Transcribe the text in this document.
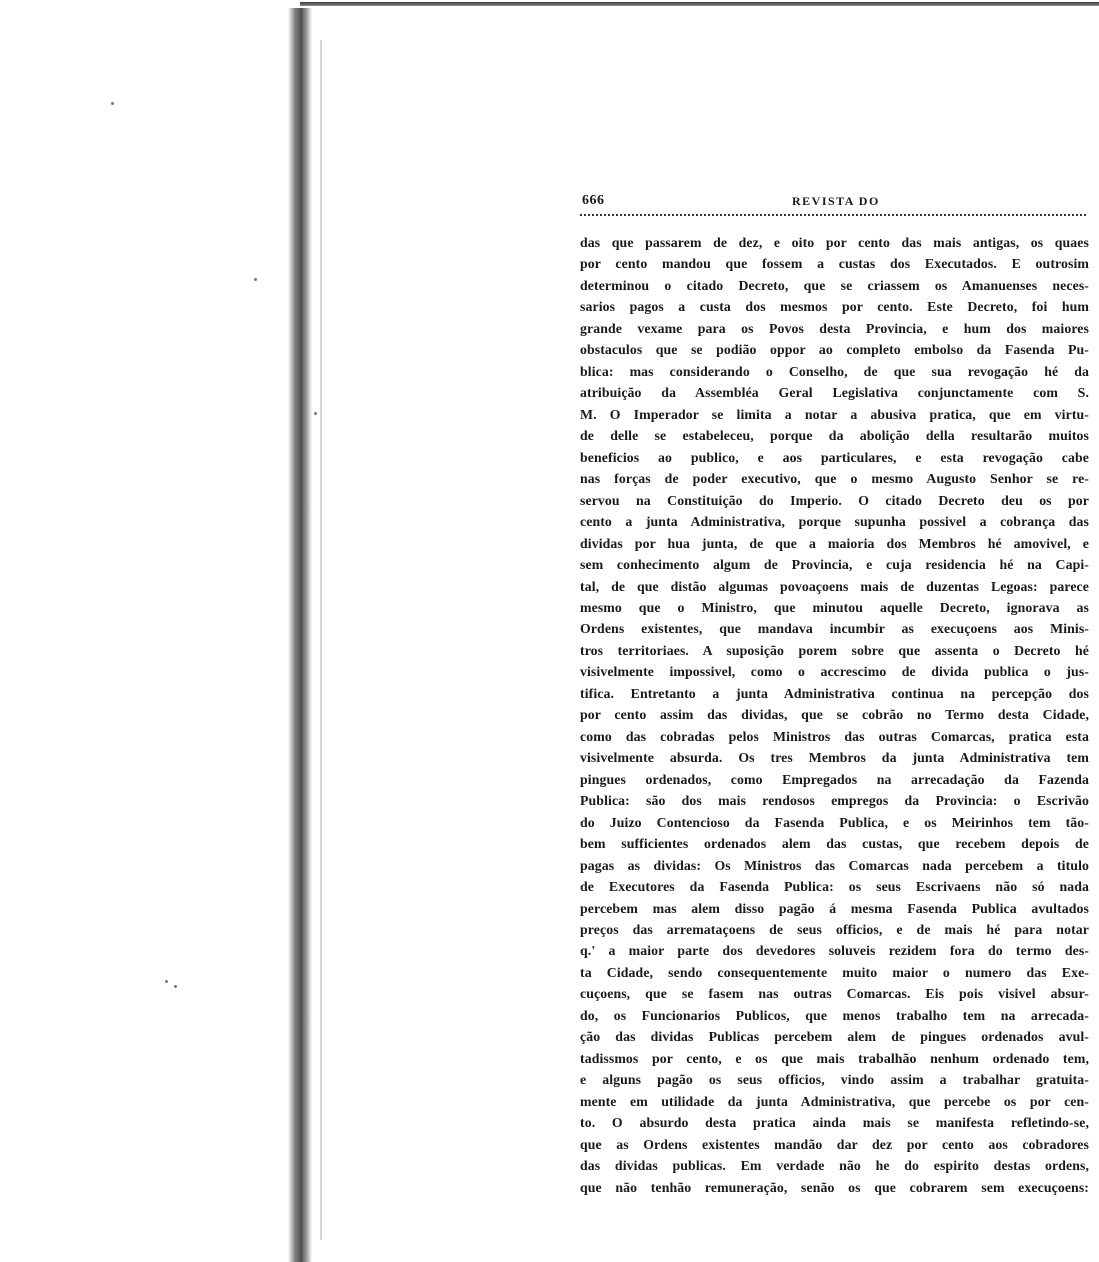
666	REVISTA DO
das que passarem de dez, e oito por cento das mais antigas, os quaes
por cento mandou que fossem a custas dos Executados. E outrosim
determinou o citado Decreto, que se criassem os Amanuenses neces-
sarios pagos a custa dos mesmos por cento. Este Decreto, foi hum
grande vexame para os Povos desta Provincia, e hum dos maiores
obstaculos que se podião oppor ao completo embolso da Fasenda Pu-
blica: mas considerando o Conselho, de que sua revogação hé da
atribuição da Assembléa Geral Legislativa conjunctamente com S.
M. O Imperador se limita a notar a abusiva pratica, que em virtu-
de delle se estabeleceu, porque da abolição della resultarão muitos
beneficios ao publico, e aos particulares, e esta revogação cabe
nas forças de poder executivo, que o mesmo Augusto Senhor se re-
servou na Constituição do Imperio. O citado Decreto deu os por
cento a junta Administrativa, porque supunha possivel a cobrança das
dividas por hua junta, de que a maioria dos Membros hé amovivel, e
sem conhecimento algum de Provincia, e cuja residencia hé na Capi-
tal, de que distão algumas povoaçoens mais de duzentas Legoas: parece
mesmo que o Ministro, que minutou aquelle Decreto, ignorava as
Ordens existentes, que mandava incumbir as execuçoens aos Minis-
tros territoriaes. A suposição porem sobre que assenta o Decreto hé
visivelmente impossivel, como o accrescimo de divida publica o jus-
tifica. Entretanto a junta Administrativa continua na percepção dos
por cento assim das dividas, que se cobrão no Termo desta Cidade,
como das cobradas pelos Ministros das outras Comarcas, pratica esta
visivelmente absurda. Os tres Membros da junta Administrativa tem
pingues ordenados, como Empregados na arrecadação da Fazenda
Publica: são dos mais rendosos empregos da Provincia: o Escrivão
do Juizo Contencioso da Fasenda Publica, e os Meirinhos tem tão-
bem sufficientes ordenados alem das custas, que recebem depois de
pagas as dividas: Os Ministros das Comarcas nada percebem a titulo
de Executores da Fasenda Publica: os seus Escrivaens não só nada
percebem mas alem disso pagão á mesma Fasenda Publica avultados
preços das arremataçoens de seus officios, e de mais hé para notar
q.' a maior parte dos devedores soluveis rezidem fora do termo des-
ta Cidade, sendo consequentemente muito maior o numero das Exe-
cuçoens, que se fasem nas outras Comarcas. Eis pois visivel absur-
do, os Funcionarios Publicos, que menos trabalho tem na arrecada-
ção das dividas Publicas percebem alem de pingues ordenados avul-
tadissmos por cento, e os que mais trabalhão nenhum ordenado tem,
e alguns pagão os seus officios, vindo assim a trabalhar gratuita-
mente em utilidade da junta Administrativa, que percebe os por cen-
to. O absurdo desta pratica ainda mais se manifesta refletindo-se,
que as Ordens existentes mandão dar dez por cento aos cobradores
das dividas publicas. Em verdade não he do espirito destas ordens,
que não tenhão remuneração, senão os que cobrarem sem execuçoens:
